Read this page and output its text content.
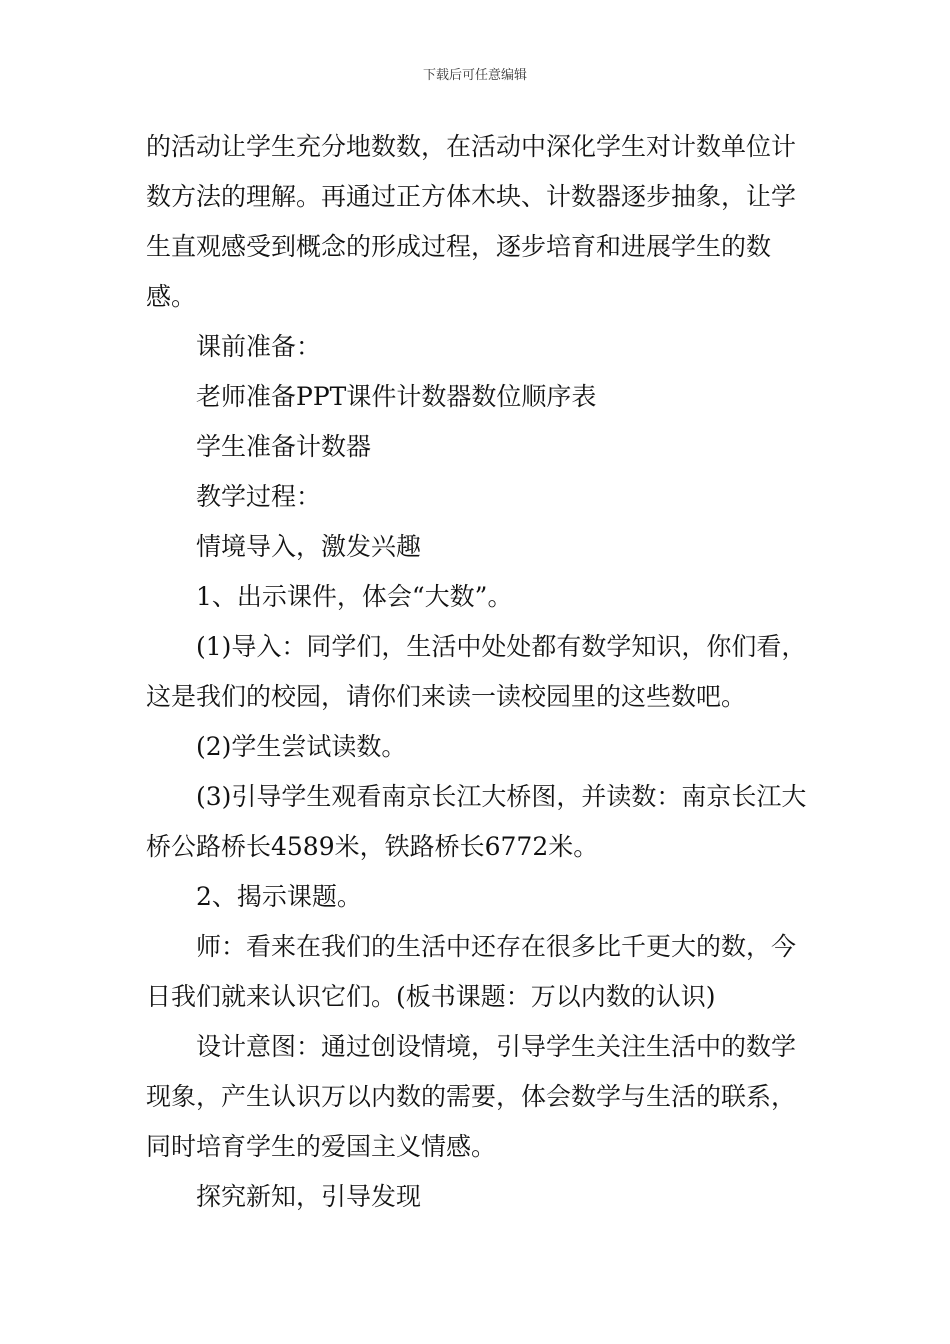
下载后可任意编辑

的活动让学生充分地数数，在活动中深化学生对计数单位计数方法的理解。再通过正方体木块、计数器逐步抽象，让学生直观感受到概念的形成过程，逐步培育和进展学生的数感。

课前准备：

老师准备PPT课件计数器数位顺序表

学生准备计数器

教学过程：

情境导入，激发兴趣

1、出示课件，体会“大数”。

(1)导入：同学们，生活中处处都有数学知识，你们看，这是我们的校园，请你们来读一读校园里的这些数吧。

(2)学生尝试读数。

(3)引导学生观看南京长江大桥图，并读数：南京长江大桥公路桥长4589米，铁路桥长6772米。

2、揭示课题。

师：看来在我们的生活中还存在很多比千更大的数，今日我们就来认识它们。(板书课题：万以内数的认识)

设计意图：通过创设情境，引导学生关注生活中的数学现象，产生认识万以内数的需要，体会数学与生活的联系，同时培育学生的爱国主义情感。

探究新知，引导发现
